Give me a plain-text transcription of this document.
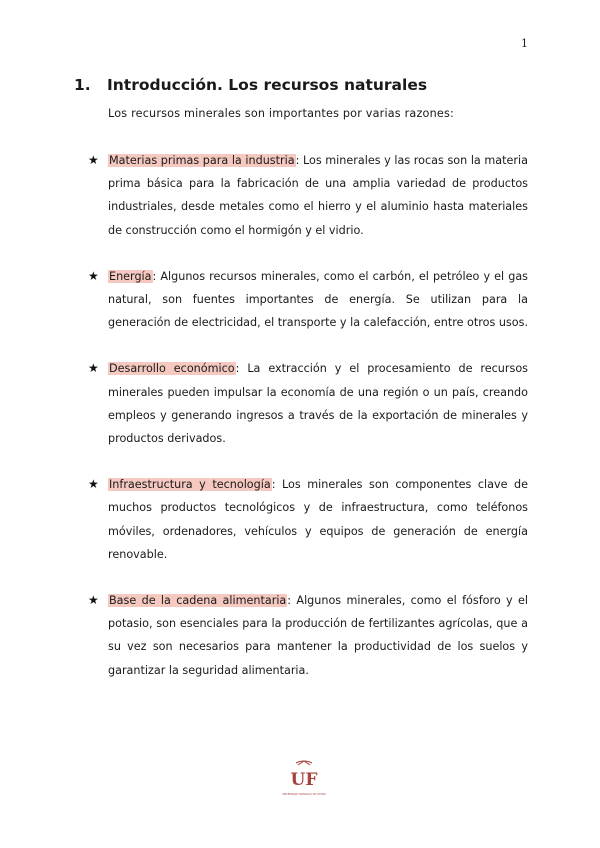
1
1.	Introducción. Los recursos naturales
Los recursos minerales son importantes por varias razones:
★ Materias primas para la industria: Los minerales y las rocas son la materia prima básica para la fabricación de una amplia variedad de productos industriales, desde metales como el hierro y el aluminio hasta materiales de construcción como el hormigón y el vidrio.
★ Energía: Algunos recursos minerales, como el carbón, el petróleo y el gas natural, son fuentes importantes de energía. Se utilizan para la generación de electricidad, el transporte y la calefacción, entre otros usos.
★ Desarrollo económico: La extracción y el procesamiento de recursos minerales pueden impulsar la economía de una región o un país, creando empleos y generando ingresos a través de la exportación de minerales y productos derivados.
★ Infraestructura y tecnología: Los minerales son componentes clave de muchos productos tecnológicos y de infraestructura, como teléfonos móviles, ordenadores, vehículos y equipos de generación de energía renovable.
★ Base de la cadena alimentaria: Algunos minerales, como el fósforo y el potasio, son esenciales para la producción de fertilizantes agrícolas, que a su vez son necesarios para mantener la productividad de los suelos y garantizar la seguridad alimentaria.
UF
UNIVERSIDAD FRANCISCO DE VITORIA
